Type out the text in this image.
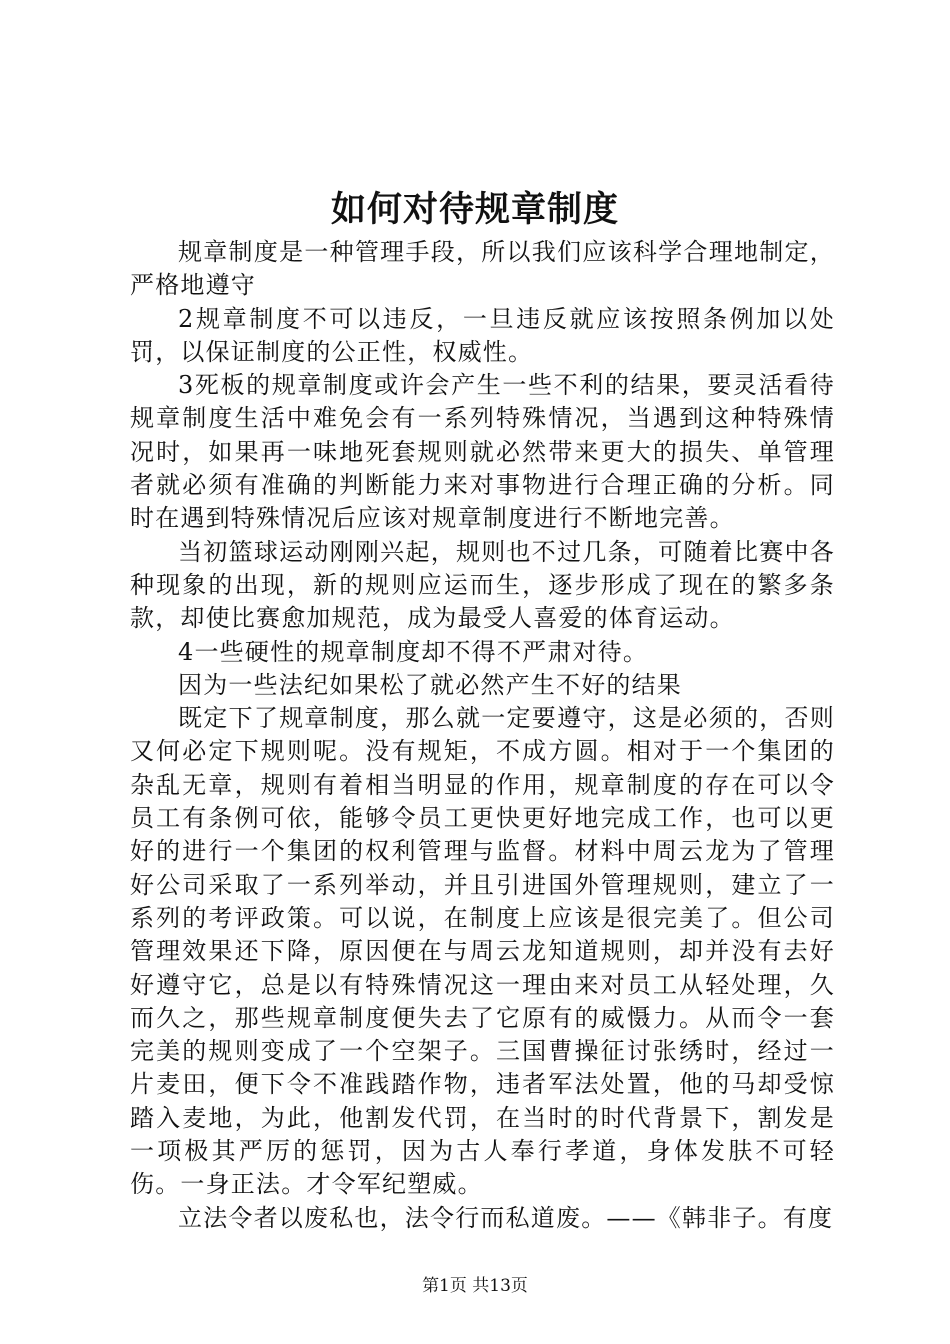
如何对待规章制度

规章制度是一种管理手段，所以我们应该科学合理地制定，严格地遵守

2规章制度不可以违反，一旦违反就应该按照条例加以处罚，以保证制度的公正性，权威性。

3死板的规章制度或许会产生一些不利的结果，要灵活看待规章制度生活中难免会有一系列特殊情况，当遇到这种特殊情况时，如果再一味地死套规则就必然带来更大的损失、单管理者就必须有准确的判断能力来对事物进行合理正确的分析。同时在遇到特殊情况后应该对规章制度进行不断地完善。

当初篮球运动刚刚兴起，规则也不过几条，可随着比赛中各种现象的出现，新的规则应运而生，逐步形成了现在的繁多条款，却使比赛愈加规范，成为最受人喜爱的体育运动。

4一些硬性的规章制度却不得不严肃对待。

因为一些法纪如果松了就必然产生不好的结果

既定下了规章制度，那么就一定要遵守，这是必须的，否则又何必定下规则呢。没有规矩，不成方圆。相对于一个集团的杂乱无章，规则有着相当明显的作用，规章制度的存在可以令员工有条例可依，能够令员工更快更好地完成工作，也可以更好的进行一个集团的权利管理与监督。材料中周云龙为了管理好公司采取了一系列举动，并且引进国外管理规则，建立了一系列的考评政策。可以说，在制度上应该是很完美了。但公司管理效果还下降，原因便在与周云龙知道规则，却并没有去好好遵守它，总是以有特殊情况这一理由来对员工从轻处理，久而久之，那些规章制度便失去了它原有的威慑力。从而令一套完美的规则变成了一个空架子。三国曹操征讨张绣时，经过一片麦田，便下令不准践踏作物，违者军法处置，他的马却受惊踏入麦地，为此，他割发代罚，在当时的时代背景下，割发是一项极其严厉的惩罚，因为古人奉行孝道，身体发肤不可轻伤。一身正法。才令军纪塑威。

立法令者以废私也，法令行而私道废。——《韩非子。有度

第1页 共13页
